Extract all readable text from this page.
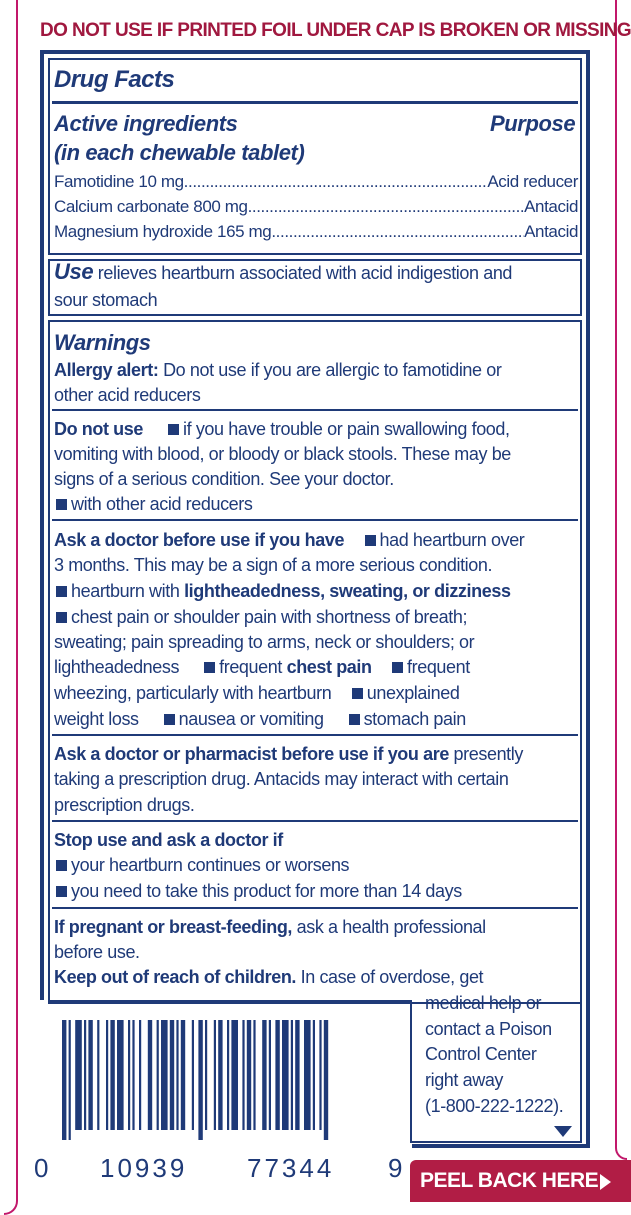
DO NOT USE IF PRINTED FOIL UNDER CAP IS BROKEN OR MISSING
Drug Facts
Active ingredients	Purpose
(in each chewable tablet)
Famotidine 10 mg .....	Acid reducer
Calcium carbonate 800 mg .....	Antacid
Magnesium hydroxide 165 mg .....	Antacid
Use relieves heartburn associated with acid indigestion and
sour stomach
Warnings
Allergy alert: Do not use if you are allergic to famotidine or
other acid reducers
Do not use if you have trouble or pain swallowing food,
vomiting with blood, or bloody or black stools. These may be
signs of a serious condition. See your doctor.
with other acid reducers
Ask a doctor before use if you have had heartburn over
3 months. This may be a sign of a more serious condition.
heartburn with lightheadedness, sweating, or dizziness
chest pain or shoulder pain with shortness of breath;
sweating; pain spreading to arms, neck or shoulders; or
lightheadedness frequent chest pain frequent
wheezing, particularly with heartburn unexplained
weight loss nausea or vomiting stomach pain
Ask a doctor or pharmacist before use if you are presently
taking a prescription drug. Antacids may interact with certain
prescription drugs.
Stop use and ask a doctor if
your heartburn continues or worsens
you need to take this product for more than 14 days
If pregnant or breast-feeding, ask a health professional
before use.
Keep out of reach of children. In case of overdose, get
medical help or
contact a Poison
Control Center
right away
(1-800-222-1222).
0 10939 77344 9 PEEL BACK HERE
